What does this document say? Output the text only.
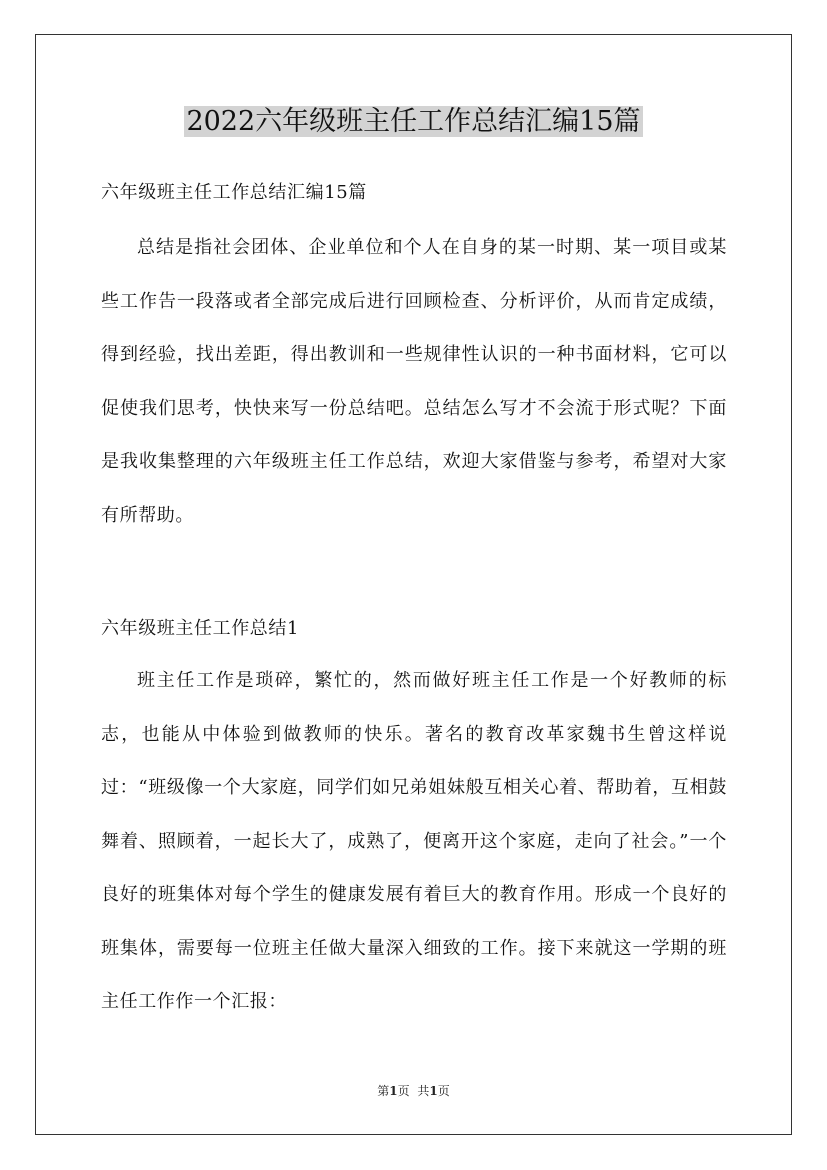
2022六年级班主任工作总结汇编15篇
六年级班主任工作总结汇编15篇

总结是指社会团体、企业单位和个人在自身的某一时期、某一项目或某些工作告一段落或者全部完成后进行回顾检查、分析评价，从而肯定成绩，得到经验，找出差距，得出教训和一些规律性认识的一种书面材料，它可以促使我们思考，快快来写一份总结吧。总结怎么写才不会流于形式呢？下面是我收集整理的六年级班主任工作总结，欢迎大家借鉴与参考，希望对大家有所帮助。

六年级班主任工作总结1

班主任工作是琐碎，繁忙的，然而做好班主任工作是一个好教师的标志，也能从中体验到做教师的快乐。著名的教育改革家魏书生曾这样说过：“班级像一个大家庭，同学们如兄弟姐妹般互相关心着、帮助着，互相鼓舞着、照顾着，一起长大了，成熟了，便离开这个家庭，走向了社会。”一个良好的班集体对每个学生的健康发展有着巨大的教育作用。形成一个良好的班集体，需要每一位班主任做大量深入细致的工作。接下来就这一学期的班主任工作作一个汇报：

第1页 共1页
